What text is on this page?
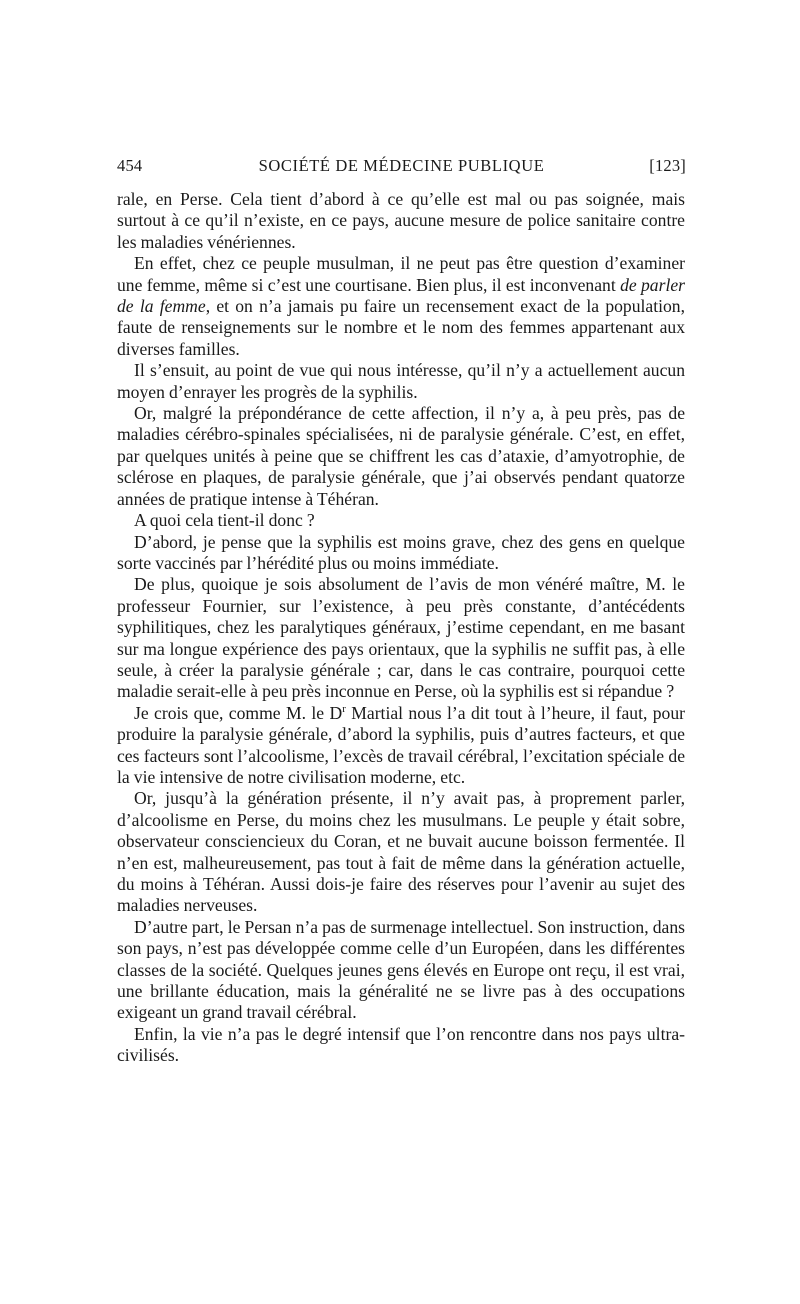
454	SOCIÉTÉ DE MÉDECINE PUBLIQUE	[123]

rale, en Perse. Cela tient d’abord à ce qu’elle est mal ou pas soignée, mais surtout à ce qu’il n’existe, en ce pays, aucune mesure de police sanitaire contre les maladies vénériennes.

En effet, chez ce peuple musulman, il ne peut pas être question d’examiner une femme, même si c’est une courtisane. Bien plus, il est inconvenant de parler de la femme, et on n’a jamais pu faire un recensement exact de la population, faute de renseignements sur le nombre et le nom des femmes appartenant aux diverses familles.

Il s’ensuit, au point de vue qui nous intéresse, qu’il n’y a actuellement aucun moyen d’enrayer les progrès de la syphilis.

Or, malgré la prépondérance de cette affection, il n’y a, à peu près, pas de maladies cérébro-spinales spécialisées, ni de paralysie générale. C’est, en effet, par quelques unités à peine que se chiffrent les cas d’ataxie, d’amyotrophie, de sclérose en plaques, de paralysie générale, que j’ai observés pendant quatorze années de pratique intense à Téhéran.

A quoi cela tient-il donc ?

D’abord, je pense que la syphilis est moins grave, chez des gens en quelque sorte vaccinés par l’hérédité plus ou moins immédiate.

De plus, quoique je sois absolument de l’avis de mon vénéré maître, M. le professeur Fournier, sur l’existence, à peu près constante, d’antécédents syphilitiques, chez les paralytiques généraux, j’estime cependant, en me basant sur ma longue expérience des pays orientaux, que la syphilis ne suffit pas, à elle seule, à créer la paralysie générale ; car, dans le cas contraire, pourquoi cette maladie serait-elle à peu près inconnue en Perse, où la syphilis est si répandue ?

Je crois que, comme M. le $D^r$ Martial nous l’a dit tout à l’heure, il faut, pour produire la paralysie générale, d’abord la syphilis, puis d’autres facteurs, et que ces facteurs sont l’alcoolisme, l’excès de travail cérébral, l’excitation spéciale de la vie intensive de notre civilisation moderne, etc.

Or, jusqu’à la génération présente, il n’y avait pas, à proprement parler, d’alcoolisme en Perse, du moins chez les musulmans. Le peuple y était sobre, observateur consciencieux du Coran, et ne buvait aucune boisson fermentée. Il n’en est, malheureusement, pas tout à fait de même dans la génération actuelle, du moins à Téhéran. Aussi dois-je faire des réserves pour l’avenir au sujet des maladies nerveuses.

D’autre part, le Persan n’a pas de surmenage intellectuel. Son instruction, dans son pays, n’est pas développée comme celle d’un Européen, dans les différentes classes de la société. Quelques jeunes gens élevés en Europe ont reçu, il est vrai, une brillante éducation, mais la généralité ne se livre pas à des occupations exigeant un grand travail cérébral.

Enfin, la vie n’a pas le degré intensif que l’on rencontre dans nos pays ultra-civilisés.
